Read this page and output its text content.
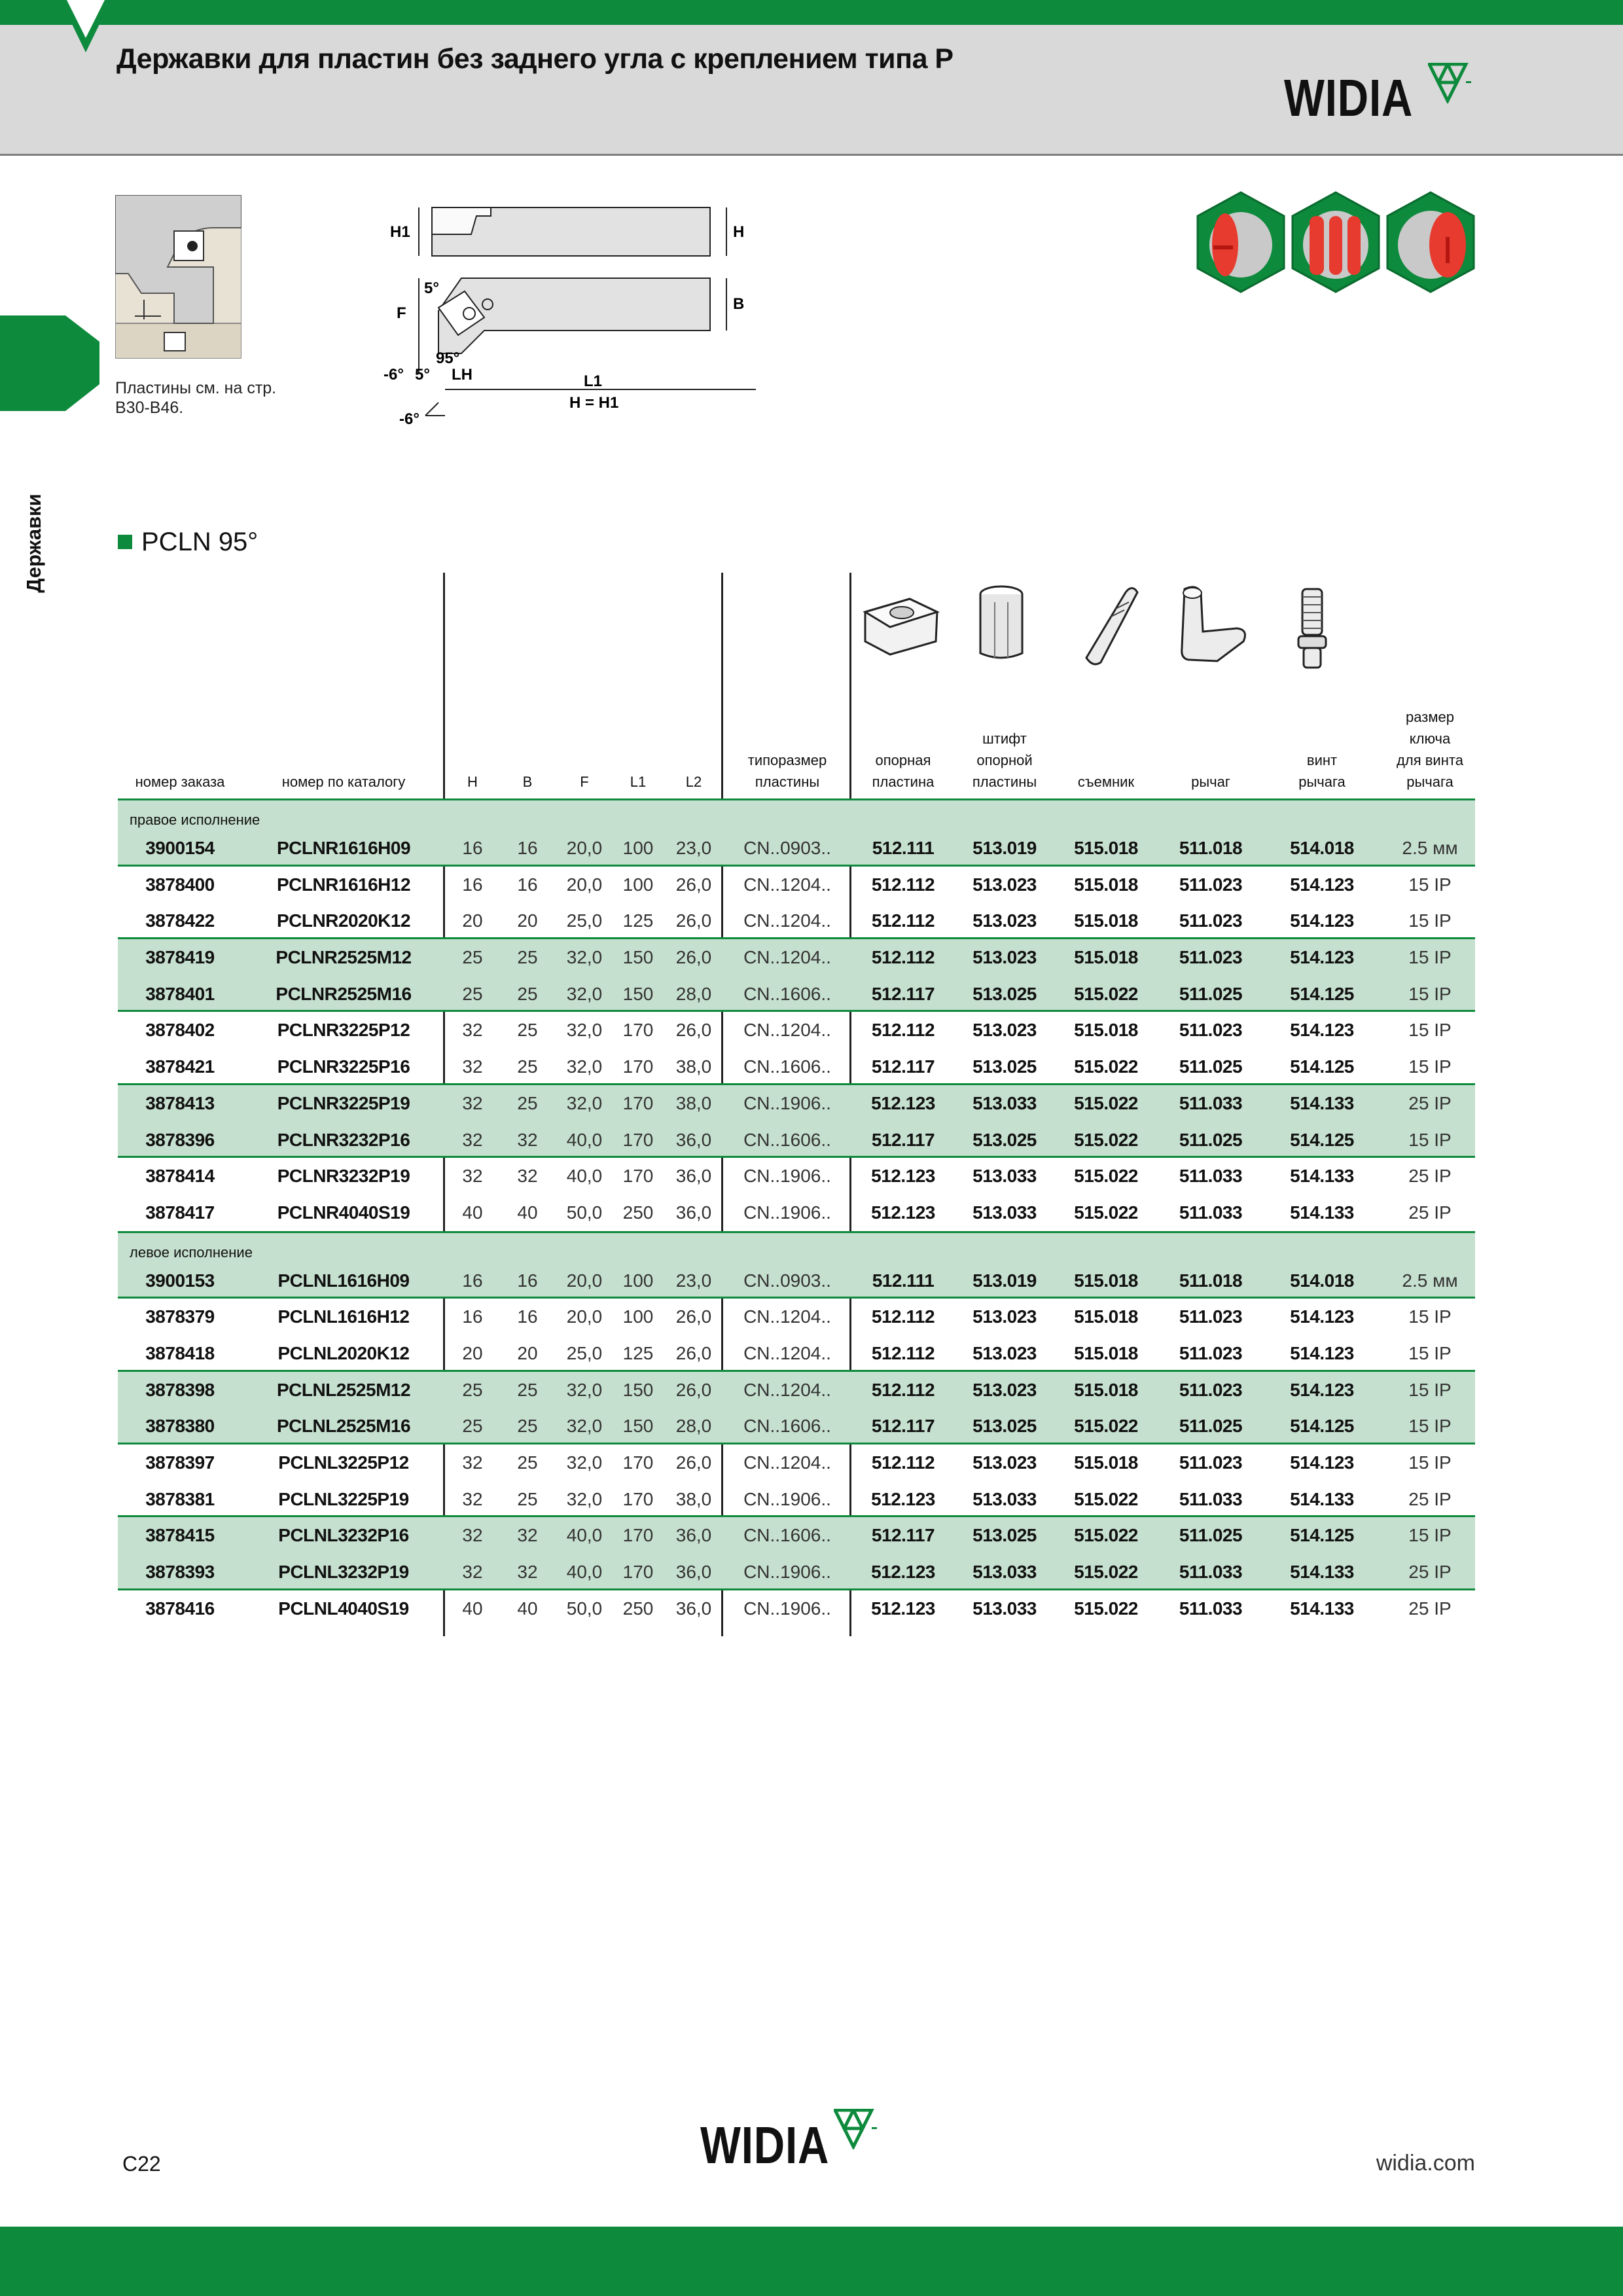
Державки для пластин без заднего угла с креплением типа P
WIDIA
Державки
Пластины см. на стр.
B30-B46.
H1	H
B
F
5°
95°
-6° 5° LH	L1
H = H1
-6°
PCLN 95°
номер заказа	номер по каталогу	H	B	F	L1	L2
типоразмер
пластины
опорная
пластина
штифт
опорной
пластины	съемник	рычаг
винт
рычага
размер
ключа
для винта
рычага
правое исполнение
3900154	PCLNR1616H09	16	16	20,0	100	23,0	CN..0903..	512.111	513.019	515.018	511.018	514.018	2.5 мм
3878400	PCLNR1616H12	16	16	20,0	100	26,0	CN..1204..	512.112	513.023	515.018	511.023	514.123	15 IP
3878422	PCLNR2020K12	20	20	25,0	125	26,0	CN..1204..	512.112	513.023	515.018	511.023	514.123	15 IP
3878419	PCLNR2525M12	25	25	32,0	150	26,0	CN..1204..	512.112	513.023	515.018	511.023	514.123	15 IP
3878401	PCLNR2525M16	25	25	32,0	150	28,0	CN..1606..	512.117	513.025	515.022	511.025	514.125	15 IP
3878402	PCLNR3225P12	32	25	32,0	170	26,0	CN..1204..	512.112	513.023	515.018	511.023	514.123	15 IP
3878421	PCLNR3225P16	32	25	32,0	170	38,0	CN..1606..	512.117	513.025	515.022	511.025	514.125	15 IP
3878413	PCLNR3225P19	32	25	32,0	170	38,0	CN..1906..	512.123	513.033	515.022	511.033	514.133	25 IP
3878396	PCLNR3232P16	32	32	40,0	170	36,0	CN..1606..	512.117	513.025	515.022	511.025	514.125	15 IP
3878414	PCLNR3232P19	32	32	40,0	170	36,0	CN..1906..	512.123	513.033	515.022	511.033	514.133	25 IP
3878417	PCLNR4040S19	40	40	50,0	250	36,0	CN..1906..	512.123	513.033	515.022	511.033	514.133	25 IP
левое исполнение
3900153	PCLNL1616H09	16	16	20,0	100	23,0	CN..0903..	512.111	513.019	515.018	511.018	514.018	2.5 мм
3878379	PCLNL1616H12	16	16	20,0	100	26,0	CN..1204..	512.112	513.023	515.018	511.023	514.123	15 IP
3878418	PCLNL2020K12	20	20	25,0	125	26,0	CN..1204..	512.112	513.023	515.018	511.023	514.123	15 IP
3878398	PCLNL2525M12	25	25	32,0	150	26,0	CN..1204..	512.112	513.023	515.018	511.023	514.123	15 IP
3878380	PCLNL2525M16	25	25	32,0	150	28,0	CN..1606..	512.117	513.025	515.022	511.025	514.125	15 IP
3878397	PCLNL3225P12	32	25	32,0	170	26,0	CN..1204..	512.112	513.023	515.018	511.023	514.123	15 IP
3878381	PCLNL3225P19	32	25	32,0	170	38,0	CN..1906..	512.123	513.033	515.022	511.033	514.133	25 IP
3878415	PCLNL3232P16	32	32	40,0	170	36,0	CN..1606..	512.117	513.025	515.022	511.025	514.125	15 IP
3878393	PCLNL3232P19	32	32	40,0	170	36,0	CN..1906..	512.123	513.033	515.022	511.033	514.133	25 IP
3878416	PCLNL4040S19	40	40	50,0	250	36,0	CN..1906..	512.123	513.033	515.022	511.033	514.133	25 IP
C22	WIDIA	widia.com
